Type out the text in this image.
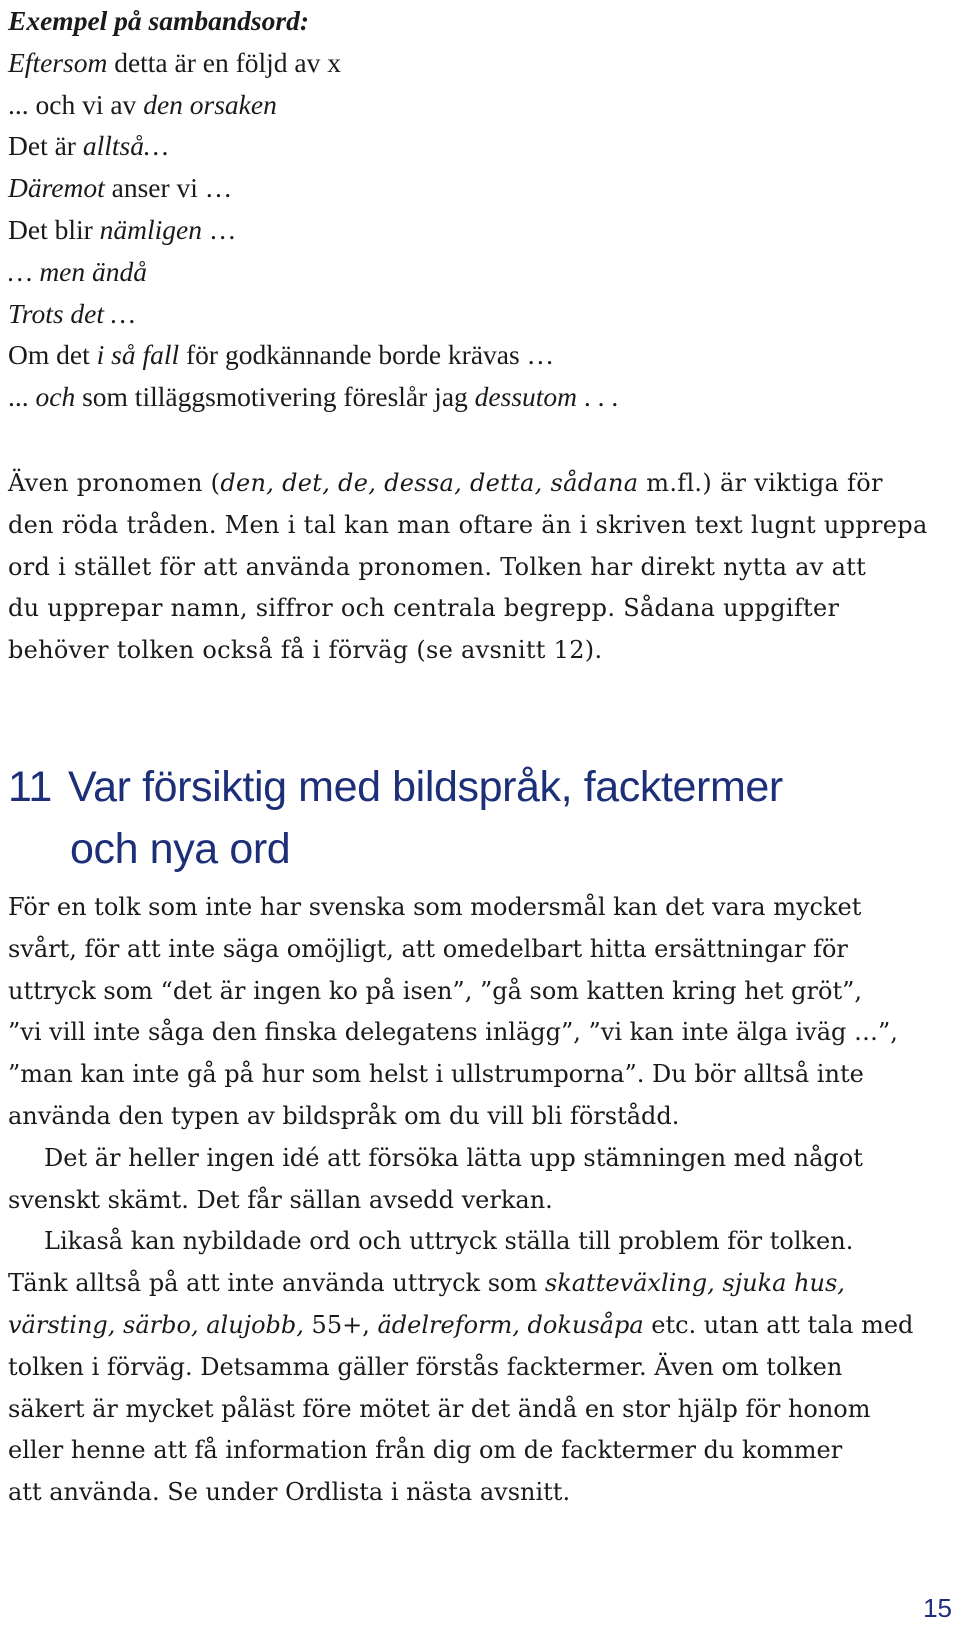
Exempel på sambandsord:
Eftersom detta är en följd av x
... och vi av den orsaken
Det är alltså…
Däremot anser vi …
Det blir nämligen …
… men ändå
Trots det …
Om det i så fall för godkännande borde krävas …
... och som tilläggsmotivering föreslår jag dessutom . . .
Även pronomen (den, det, de, dessa, detta, sådana m.fl.) är viktiga för
den röda tråden. Men i tal kan man oftare än i skriven text lugnt upprepa
ord i stället för att använda pronomen. Tolken har direkt nytta av att
du upprepar namn, siffror och centrala begrepp. Sådana uppgifter
behöver tolken också få i förväg (se avsnitt 12).
11 Var försiktig med bildspråk, facktermer
och nya ord
För en tolk som inte har svenska som modersmål kan det vara mycket
svårt, för att inte säga omöjligt, att omedelbart hitta ersättningar för
uttryck som “det är ingen ko på isen”, ”gå som katten kring het gröt”,
”vi vill inte såga den finska delegatens inlägg”, ”vi kan inte älga iväg …”,
”man kan inte gå på hur som helst i ullstrumporna”. Du bör alltså inte
använda den typen av bildspråk om du vill bli förstådd.
Det är heller ingen idé att försöka lätta upp stämningen med något
svenskt skämt. Det får sällan avsedd verkan.
Likaså kan nybildade ord och uttryck ställa till problem för tolken.
Tänk alltså på att inte använda uttryck som skatteväxling, sjuka hus,
värsting, särbo, alujobb, 55+, ädelreform, dokusåpa etc. utan att tala med
tolken i förväg. Detsamma gäller förstås facktermer. Även om tolken
säkert är mycket påläst före mötet är det ändå en stor hjälp för honom
eller henne att få information från dig om de facktermer du kommer
att använda. Se under Ordlista i nästa avsnitt.
15
